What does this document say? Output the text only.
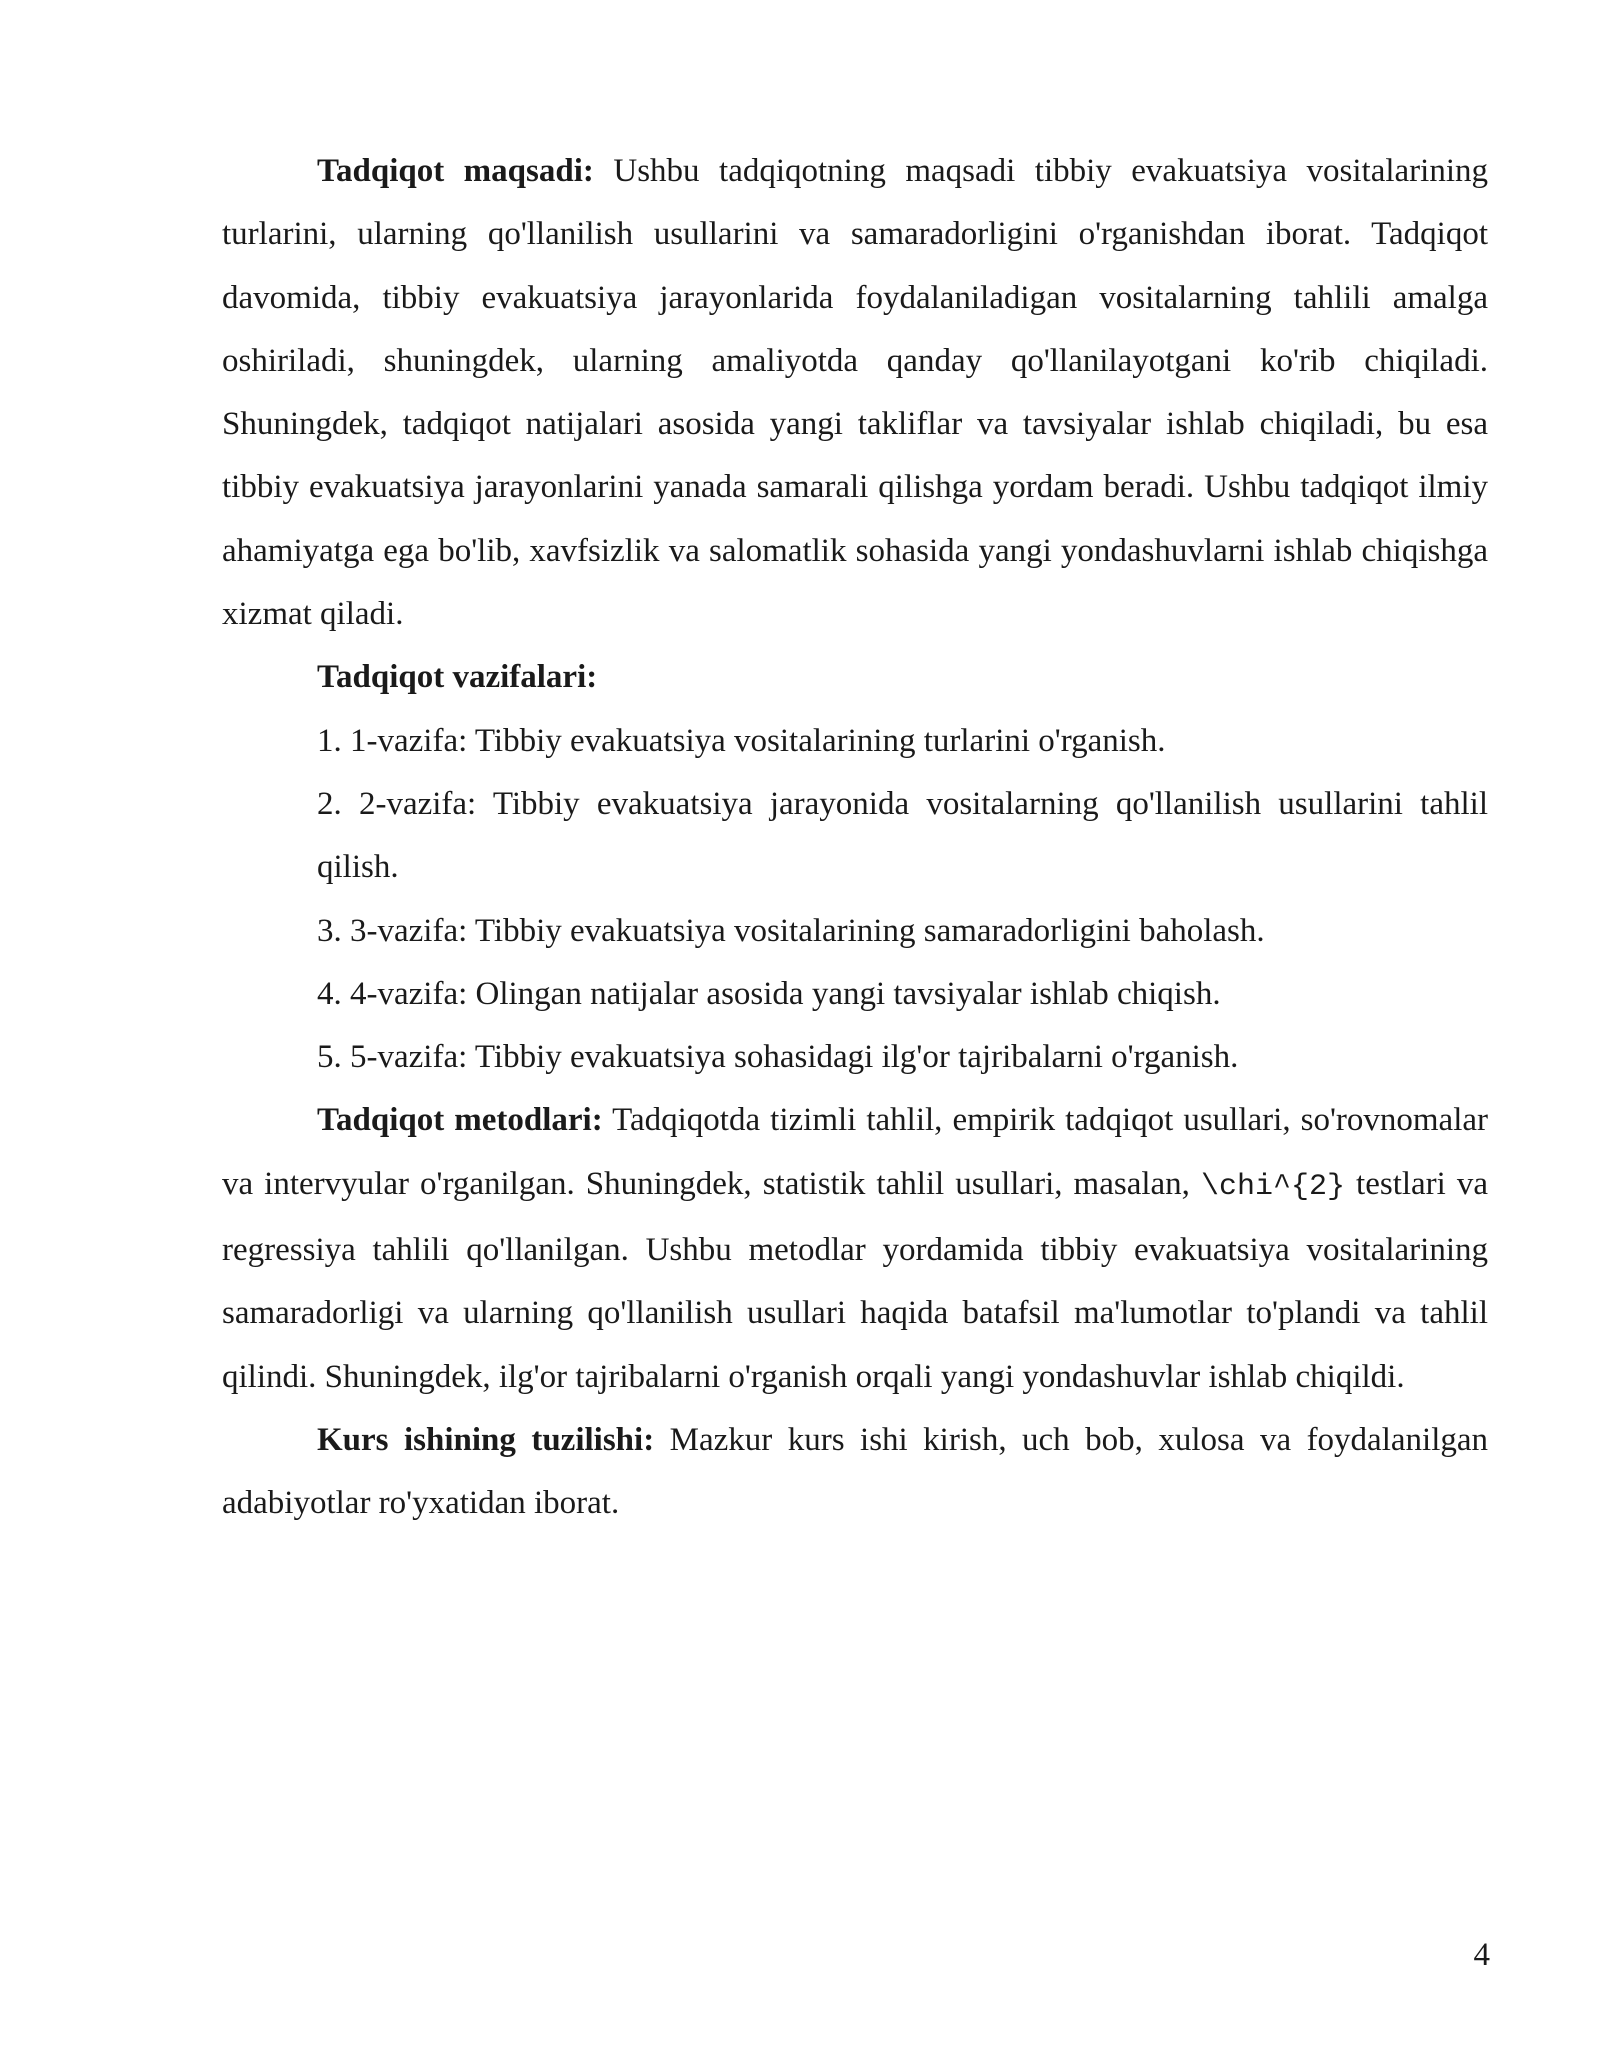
Tadqiqot maqsadi: Ushbu tadqiqotning maqsadi tibbiy evakuatsiya vositalarining turlarini, ularning qo'llanilish usullarini va samaradorligini o'rganishdan iborat. Tadqiqot davomida, tibbiy evakuatsiya jarayonlarida foydalaniladigan vositalarning tahlili amalga oshiriladi, shuningdek, ularning amaliyotda qanday qo'llanilayotgani ko'rib chiqiladi. Shuningdek, tadqiqot natijalari asosida yangi takliflar va tavsiyalar ishlab chiqiladi, bu esa tibbiy evakuatsiya jarayonlarini yanada samarali qilishga yordam beradi. Ushbu tadqiqot ilmiy ahamiyatga ega bo'lib, xavfsizlik va salomatlik sohasida yangi yondashuvlarni ishlab chiqishga xizmat qiladi.

Tadqiqot vazifalari:

1. 1-vazifa: Tibbiy evakuatsiya vositalarining turlarini o'rganish.
2. 2-vazifa: Tibbiy evakuatsiya jarayonida vositalarning qo'llanilish usullarini tahlil qilish.
3. 3-vazifa: Tibbiy evakuatsiya vositalarining samaradorligini baholash.
4. 4-vazifa: Olingan natijalar asosida yangi tavsiyalar ishlab chiqish.
5. 5-vazifa: Tibbiy evakuatsiya sohasidagi ilg'or tajribalarni o'rganish.

Tadqiqot metodlari: Tadqiqotda tizimli tahlil, empirik tadqiqot usullari, so'rovnomalar va intervyular o'rganilgan. Shuningdek, statistik tahlil usullari, masalan, \chi^{2} testlari va regressiya tahlili qo'llanilgan. Ushbu metodlar yordamida tibbiy evakuatsiya vositalarining samaradorligi va ularning qo'llanilish usullari haqida batafsil ma'lumotlar to'plandi va tahlil qilindi. Shuningdek, ilg'or tajribalarni o'rganish orqali yangi yondashuvlar ishlab chiqildi.

Kurs ishining tuzilishi: Mazkur kurs ishi kirish, uch bob, xulosa va foydalanilgan adabiyotlar ro'yxatidan iborat.

4
